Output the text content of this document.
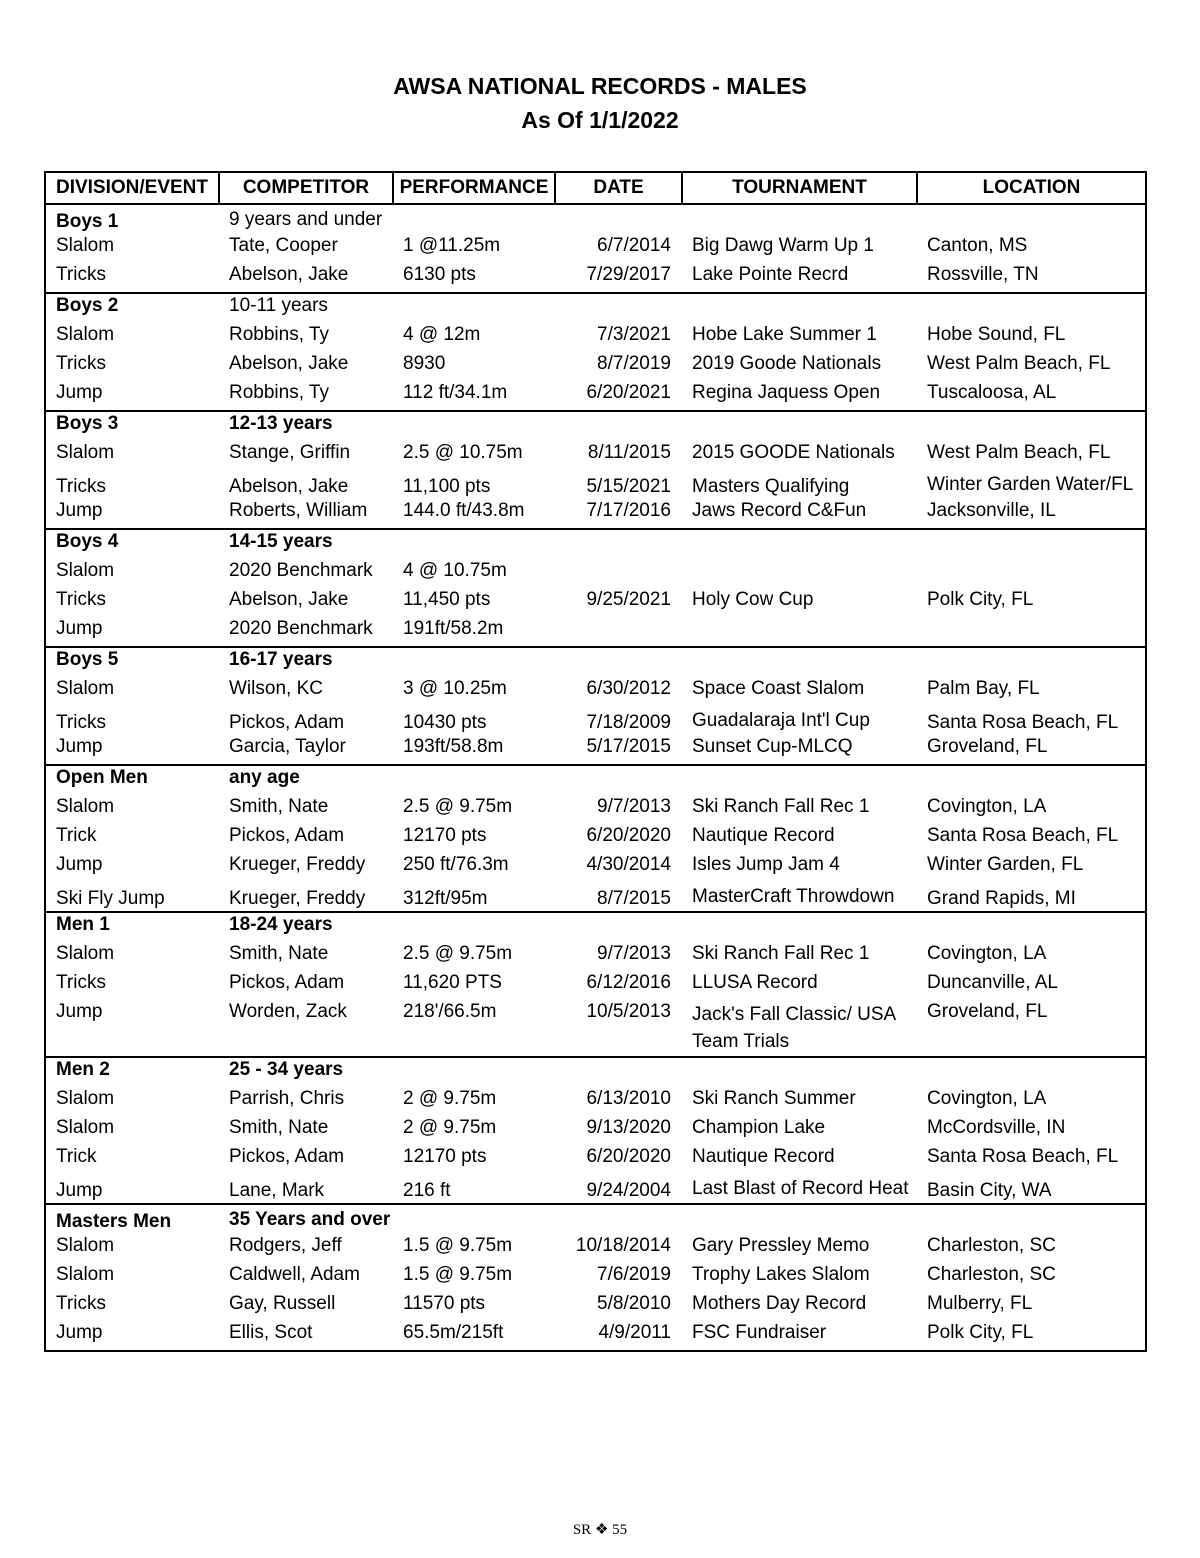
AWSA NATIONAL RECORDS - MALES
As Of 1/1/2022
DIVISION/EVENT	COMPETITOR	PERFORMANCE	DATE	TOURNAMENT	LOCATION
Boys 1	9 years and under				
Slalom	Tate, Cooper	1 @11.25m	6/7/2014	Big Dawg Warm Up 1	Canton, MS
Tricks	Abelson, Jake	6130 pts	7/29/2017	Lake Pointe Recrd	Rossville, TN
Boys 2	10-11 years				
Slalom	Robbins, Ty	4 @ 12m	7/3/2021	Hobe Lake Summer 1	Hobe Sound, FL
Tricks	Abelson, Jake	8930	8/7/2019	2019 Goode Nationals	West Palm Beach, FL
Jump	Robbins, Ty	112 ft/34.1m	6/20/2021	Regina Jaquess Open	Tuscaloosa, AL
Boys 3	12-13 years				
Slalom	Stange, Griffin	2.5 @ 10.75m	8/11/2015	2015 GOODE Nationals	West Palm Beach, FL
Tricks	Abelson, Jake	11,100 pts	5/15/2021	Masters Qualifying	Winter Garden Water/FL
Jump	Roberts, William	144.0 ft/43.8m	7/17/2016	Jaws Record C&Fun	Jacksonville, IL
Boys 4	14-15 years				
Slalom	2020 Benchmark	4 @ 10.75m			
Tricks	Abelson, Jake	11,450 pts	9/25/2021	Holy Cow Cup	Polk City, FL
Jump	2020 Benchmark	191ft/58.2m			
Boys 5	16-17 years				
Slalom	Wilson, KC	3 @ 10.25m	6/30/2012	Space Coast Slalom	Palm Bay, FL
Tricks	Pickos, Adam	10430 pts	7/18/2009	Guadalaraja Int'l Cup	Santa Rosa Beach, FL
Jump	Garcia, Taylor	193ft/58.8m	5/17/2015	Sunset Cup-MLCQ	Groveland, FL
Open Men	any age				
Slalom	Smith, Nate	2.5 @ 9.75m	9/7/2013	Ski Ranch Fall Rec 1	Covington, LA
Trick	Pickos, Adam	12170 pts	6/20/2020	Nautique Record	Santa Rosa Beach, FL
Jump	Krueger, Freddy	250 ft/76.3m	4/30/2014	Isles Jump Jam 4	Winter Garden, FL
Ski Fly Jump	Krueger, Freddy	312ft/95m	8/7/2015	MasterCraft Throwdown	Grand Rapids, MI
Men 1	18-24 years				
Slalom	Smith, Nate	2.5 @ 9.75m	9/7/2013	Ski Ranch Fall Rec 1	Covington, LA
Tricks	Pickos, Adam	11,620 PTS	6/12/2016	LLUSA Record	Duncanville, AL
Jump	Worden, Zack	218'/66.5m	10/5/2013	Jack's Fall Classic/ USA Team Trials	Groveland, FL
Men 2	25 - 34 years				
Slalom	Parrish, Chris	2 @ 9.75m	6/13/2010	Ski Ranch Summer	Covington, LA
Slalom	Smith, Nate	2 @ 9.75m	9/13/2020	Champion Lake	McCordsville, IN
Trick	Pickos, Adam	12170 pts	6/20/2020	Nautique Record	Santa Rosa Beach, FL
Jump	Lane, Mark	216 ft	9/24/2004	Last Blast of Record Heat	Basin City, WA
Masters Men	35 Years and over				
Slalom	Rodgers, Jeff	1.5 @ 9.75m	10/18/2014	Gary Pressley Memo	Charleston, SC
Slalom	Caldwell, Adam	1.5 @ 9.75m	7/6/2019	Trophy Lakes Slalom	Charleston, SC
Tricks	Gay, Russell	11570 pts	5/8/2010	Mothers Day Record	Mulberry, FL
Jump	Ellis, Scot	65.5m/215ft	4/9/2011	FSC Fundraiser	Polk City, FL
SR ❖ 55
